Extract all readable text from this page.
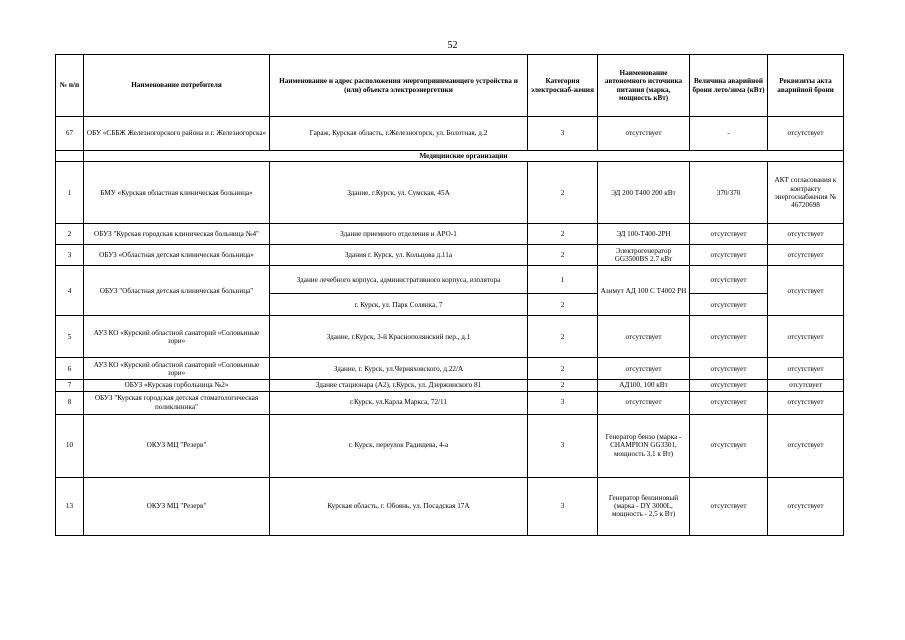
52
№ п/п	Наименование потребителя	Наименование и адрес расположения энергопринимающего устройства и (или) объекта электроэнергетики	Категория электроснаб-жения	Наименование автономного источника питания (марка, мощность кВт)	Величина аварийной брони лето/зима (кВт)	Реквизиты акта аварийной брони
67	ОБУ «СББЖ Железногорского района и г. Железногорска»	Гараж, Курская область, г.Железногорск, ул. Болотная, д.2	3	отсутствует	-	отсутствует
	Медицинские организации					
1	БМУ «Курская областная клиническая больница»	Здание, г.Курск, ул. Сумская, 45А	2	ЭД 200 Т400 200 кВт	370/370	АКТ согласования к контракту энергоснабжения № 46720698
2	ОБУЗ "Курская городская клиническая больница №4"	Здание приемного отделения и АРО-1	2	ЭД 100-Т400-2РН	отсутствует	отсутствует
3	ОБУЗ «Областная детская клиническая больница»	Здания г. Курск, ул. Кольцова д.11а	2	Электрогенератор GG3500BS 2.7 кВт	отсутствует	отсутствует
4	ОБУЗ "Областная детская клиническая больница"	Здание лечебного корпуса, административного корпуса, изолятора	1	Азимут АД 100 С Т4002 РН	отсутствует	отсутствует
		г. Курск, ул. Парк Солянка, 7	2		отсутствует	
5	АУЗ КО «Курский областной санаторий «Соловьиные зори»	Здание, г.Курск, 3-й Краснополянский пер., д.1	2	отсутствует	отсутствует	отсутствует
6	АУЗ КО «Курский областной санаторий «Соловьиные зори»	Здание, г. Курск, ул.Черняховского, д.22/А	2	отсутствует	отсутствует	отсутствует
7	ОБУЗ «Курская горбольница №2»	Здание стационара (А2), г.Курск, ул. Дзержинского 81	2	АД100, 100 кВт	отсутствует	отсутсвует
8	ОБУЗ "Курская городская детская стоматологическая поликлиника"	г.Курск, ул.Карла Маркса, 72/11	3	отсутствует	отсутствует	отсутствует
10	ОКУЗ МЦ "Резерв"	г. Курск, переулок Радищева, 4-а	3	Генератор бензо (марка - CHAMPION GG3301, мощность 3,1 к Вт)	отсутствует	отсутствует
13	ОКУЗ МЦ "Резерв"	Курская область, г. Обоянь, ул. Посадская 17А	3	Генератор бензиновый (марка - DY 3000L, мощность - 2,5 к Вт)	отсутствует	отсутствует
